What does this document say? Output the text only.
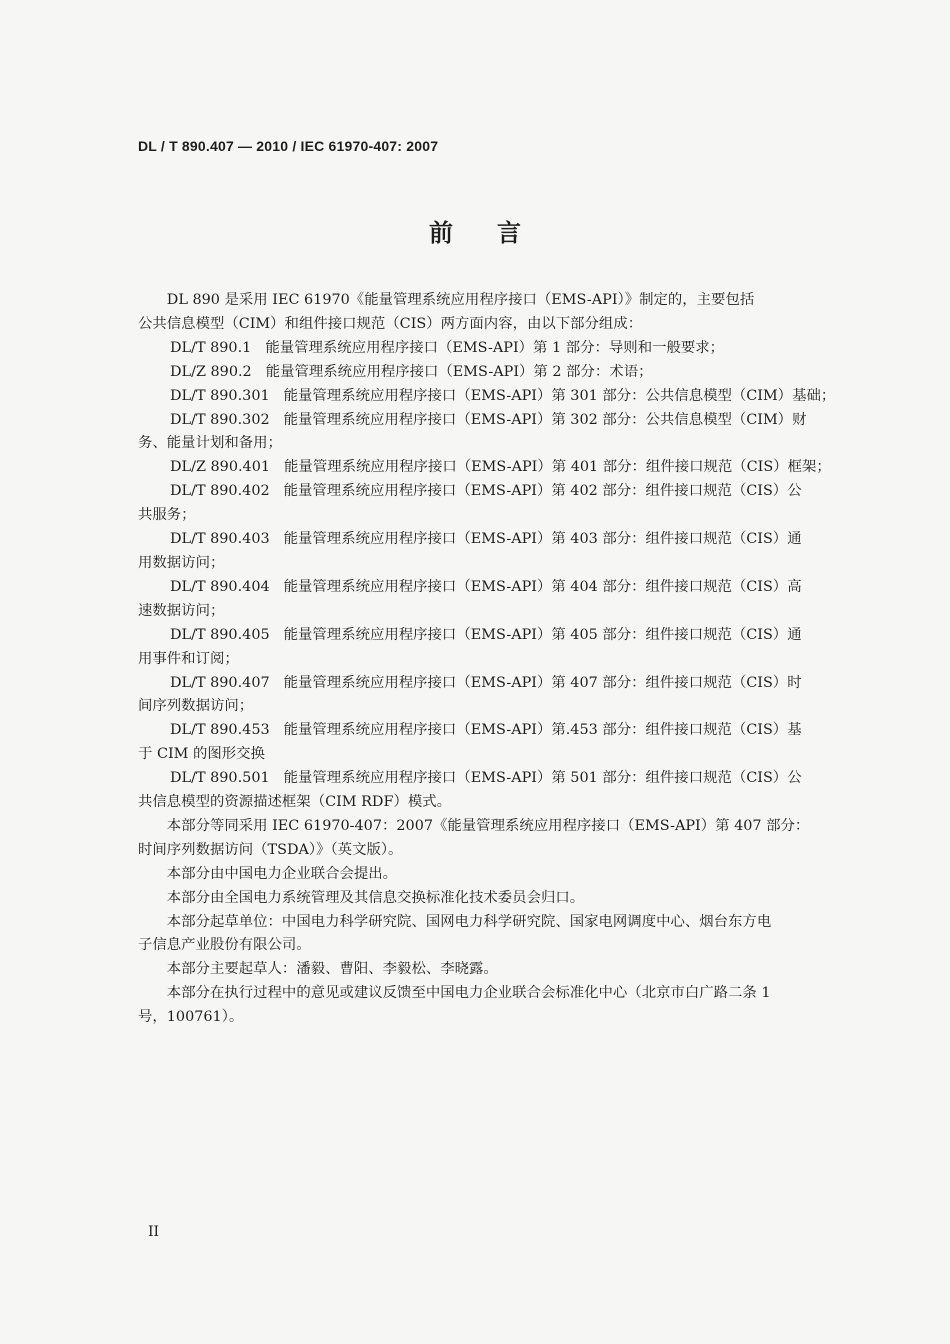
DL / T 890.407 — 2010 / IEC 61970-407: 2007
前言

DL 890 是采用 IEC 61970《能量管理系统应用程序接口（EMS-API）》制定的，主要包括

公共信息模型（CIM）和组件接口规范（CIS）两方面内容，由以下部分组成：

DL/T 890.1 能量管理系统应用程序接口（EMS-API）第 1 部分：导则和一般要求；
DL/Z 890.2 能量管理系统应用程序接口（EMS-API）第 2 部分：术语；
DL/T 890.301 能量管理系统应用程序接口（EMS-API）第 301 部分：公共信息模型（CIM）基础；
DL/T 890.302 能量管理系统应用程序接口（EMS-API）第 302 部分：公共信息模型（CIM）财
务、能量计划和备用；
DL/Z 890.401 能量管理系统应用程序接口（EMS-API）第 401 部分：组件接口规范（CIS）框架；
DL/T 890.402 能量管理系统应用程序接口（EMS-API）第 402 部分：组件接口规范（CIS）公
共服务；
DL/T 890.403 能量管理系统应用程序接口（EMS-API）第 403 部分：组件接口规范（CIS）通
用数据访问；
DL/T 890.404 能量管理系统应用程序接口（EMS-API）第 404 部分：组件接口规范（CIS）高
速数据访问；
DL/T 890.405 能量管理系统应用程序接口（EMS-API）第 405 部分：组件接口规范（CIS）通
用事件和订阅；
DL/T 890.407 能量管理系统应用程序接口（EMS-API）第 407 部分：组件接口规范（CIS）时
间序列数据访问；
DL/T 890.453 能量管理系统应用程序接口（EMS-API）第.453 部分：组件接口规范（CIS）基
于 CIM 的图形交换
DL/T 890.501 能量管理系统应用程序接口（EMS-API）第 501 部分：组件接口规范（CIS）公
共信息模型的资源描述框架（CIM RDF）模式。

本部分等同采用 IEC 61970-407：2007《能量管理系统应用程序接口（EMS-API）第 407 部分：

时间序列数据访问（TSDA）》（英文版）。

本部分由中国电力企业联合会提出。

本部分由全国电力系统管理及其信息交换标准化技术委员会归口。

本部分起草单位：中国电力科学研究院、国网电力科学研究院、国家电网调度中心、烟台东方电

子信息产业股份有限公司。

本部分主要起草人：潘毅、曹阳、李毅松、李晓露。

本部分在执行过程中的意见或建议反馈至中国电力企业联合会标准化中心（北京市白广路二条 1

号，100761）。

II
